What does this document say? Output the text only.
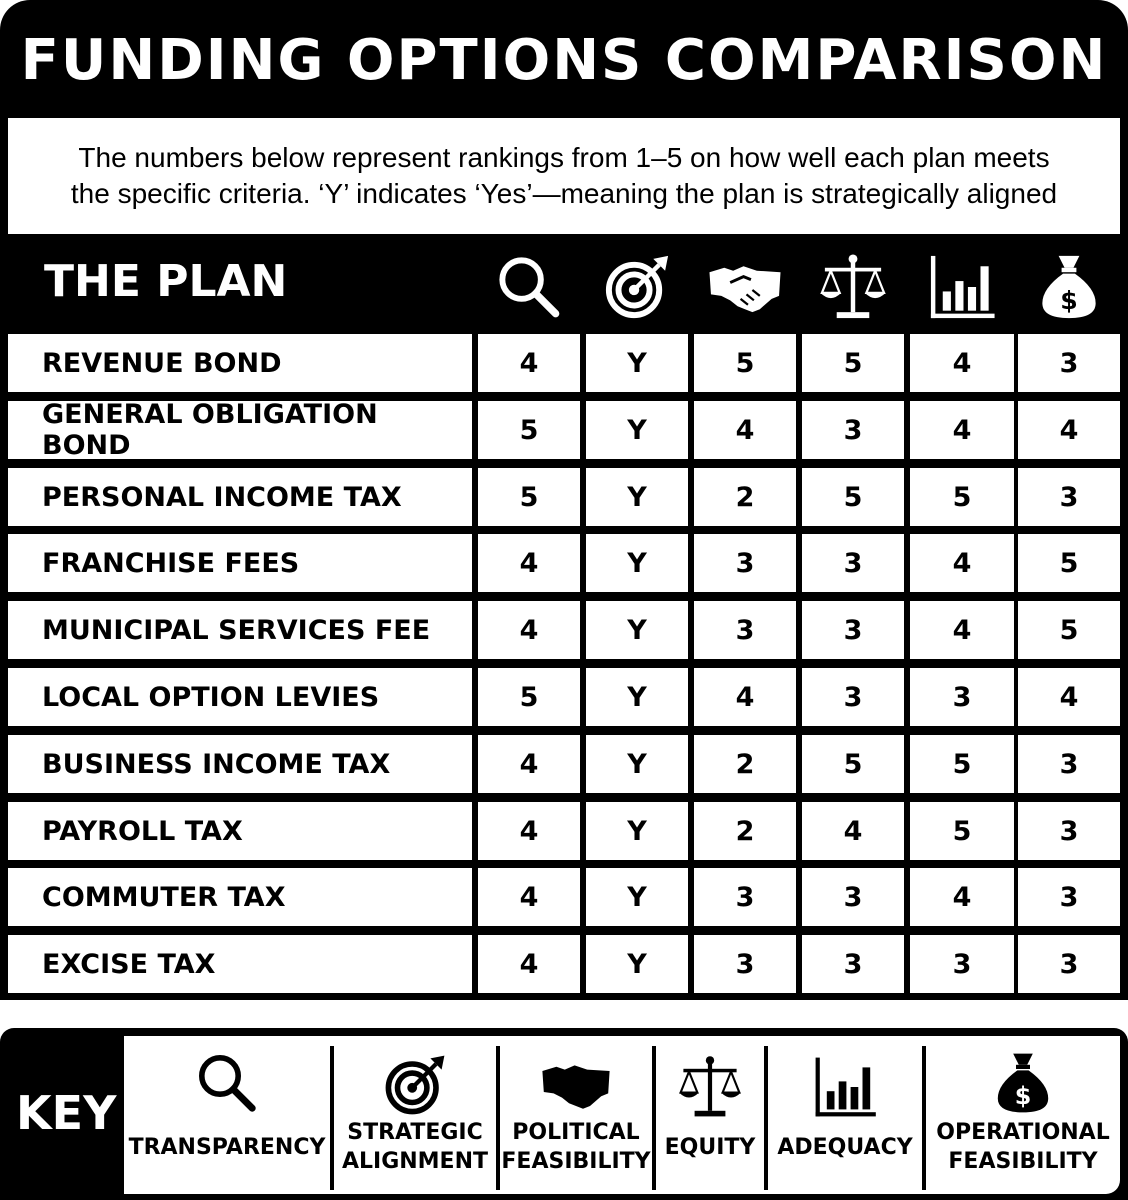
FUNDING OPTIONS COMPARISON
The numbers below represent rankings from 1–5 on how well each plan meets
the specific criteria. ‘Y’ indicates ‘Yes’—meaning the plan is strategically aligned
THE PLAN	$
REVENUE BOND	4	Y	5	5	4	3
GENERAL OBLIGATION BOND	5	Y	4	3	4	4
PERSONAL INCOME TAX	5	Y	2	5	5	3
FRANCHISE FEES	4	Y	3	3	4	5
MUNICIPAL SERVICES FEE	4	Y	3	3	4	5
LOCAL OPTION LEVIES	5	Y	4	3	3	4
BUSINESS INCOME TAX	4	Y	2	5	5	3
PAYROLL TAX	4	Y	2	4	5	3
COMMUTER TAX	4	Y	3	3	4	3
EXCISE TAX	4	Y	3	3	3	3
KEY
TRANSPARENCY
STRATEGIC
ALIGNMENT
POLITICAL
FEASIBILITY
EQUITY ADEQUACY
$
OPERATIONAL
FEASIBILITY
